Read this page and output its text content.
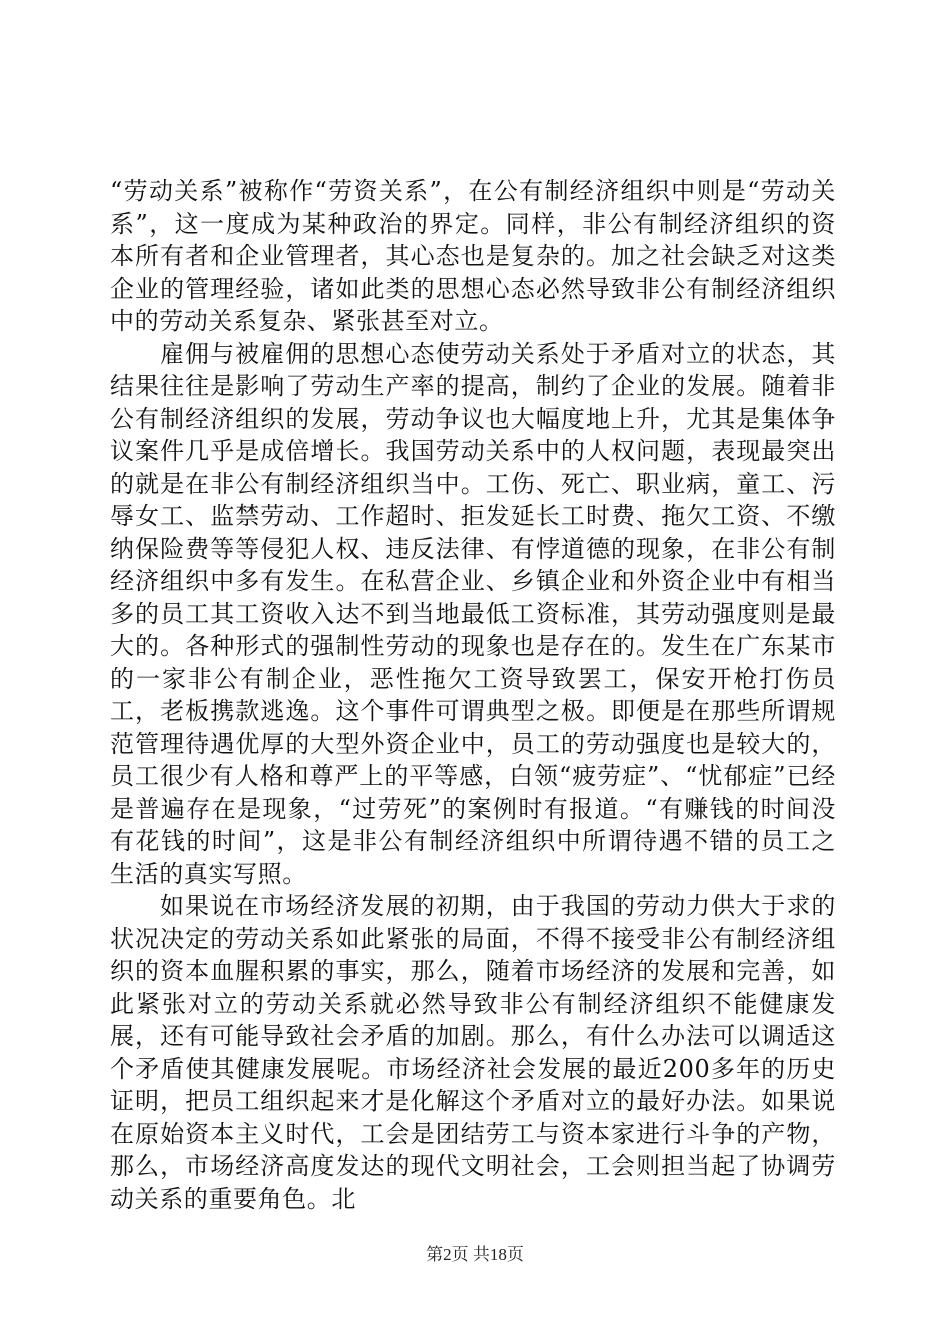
“劳动关系”被称作“劳资关系”，在公有制经济组织中则是“劳动关系”，这一度成为某种政治的界定。同样，非公有制经济组织的资本所有者和企业管理者，其心态也是复杂的。加之社会缺乏对这类企业的管理经验，诸如此类的思想心态必然导致非公有制经济组织中的劳动关系复杂、紧张甚至对立。

雇佣与被雇佣的思想心态使劳动关系处于矛盾对立的状态，其结果往往是影响了劳动生产率的提高，制约了企业的发展。随着非公有制经济组织的发展，劳动争议也大幅度地上升，尤其是集体争议案件几乎是成倍增长。我国劳动关系中的人权问题，表现最突出的就是在非公有制经济组织当中。工伤、死亡、职业病，童工、污辱女工、监禁劳动、工作超时、拒发延长工时费、拖欠工资、不缴纳保险费等等侵犯人权、违反法律、有悖道德的现象，在非公有制经济组织中多有发生。在私营企业、乡镇企业和外资企业中有相当多的员工其工资收入达不到当地最低工资标准，其劳动强度则是最大的。各种形式的强制性劳动的现象也是存在的。发生在广东某市的一家非公有制企业，恶性拖欠工资导致罢工，保安开枪打伤员工，老板携款逃逸。这个事件可谓典型之极。即便是在那些所谓规范管理待遇优厚的大型外资企业中，员工的劳动强度也是较大的，员工很少有人格和尊严上的平等感，白领“疲劳症”、“忧郁症”已经是普遍存在是现象，“过劳死”的案例时有报道。“有赚钱的时间没有花钱的时间”，这是非公有制经济组织中所谓待遇不错的员工之生活的真实写照。

如果说在市场经济发展的初期，由于我国的劳动力供大于求的状况决定的劳动关系如此紧张的局面，不得不接受非公有制经济组织的资本血腥积累的事实，那么，随着市场经济的发展和完善，如此紧张对立的劳动关系就必然导致非公有制经济组织不能健康发展，还有可能导致社会矛盾的加剧。那么，有什么办法可以调适这个矛盾使其健康发展呢。市场经济社会发展的最近200多年的历史证明，把员工组织起来才是化解这个矛盾对立的最好办法。如果说在原始资本主义时代，工会是团结劳工与资本家进行斗争的产物，那么，市场经济高度发达的现代文明社会，工会则担当起了协调劳动关系的重要角色。北

第2页 共18页
